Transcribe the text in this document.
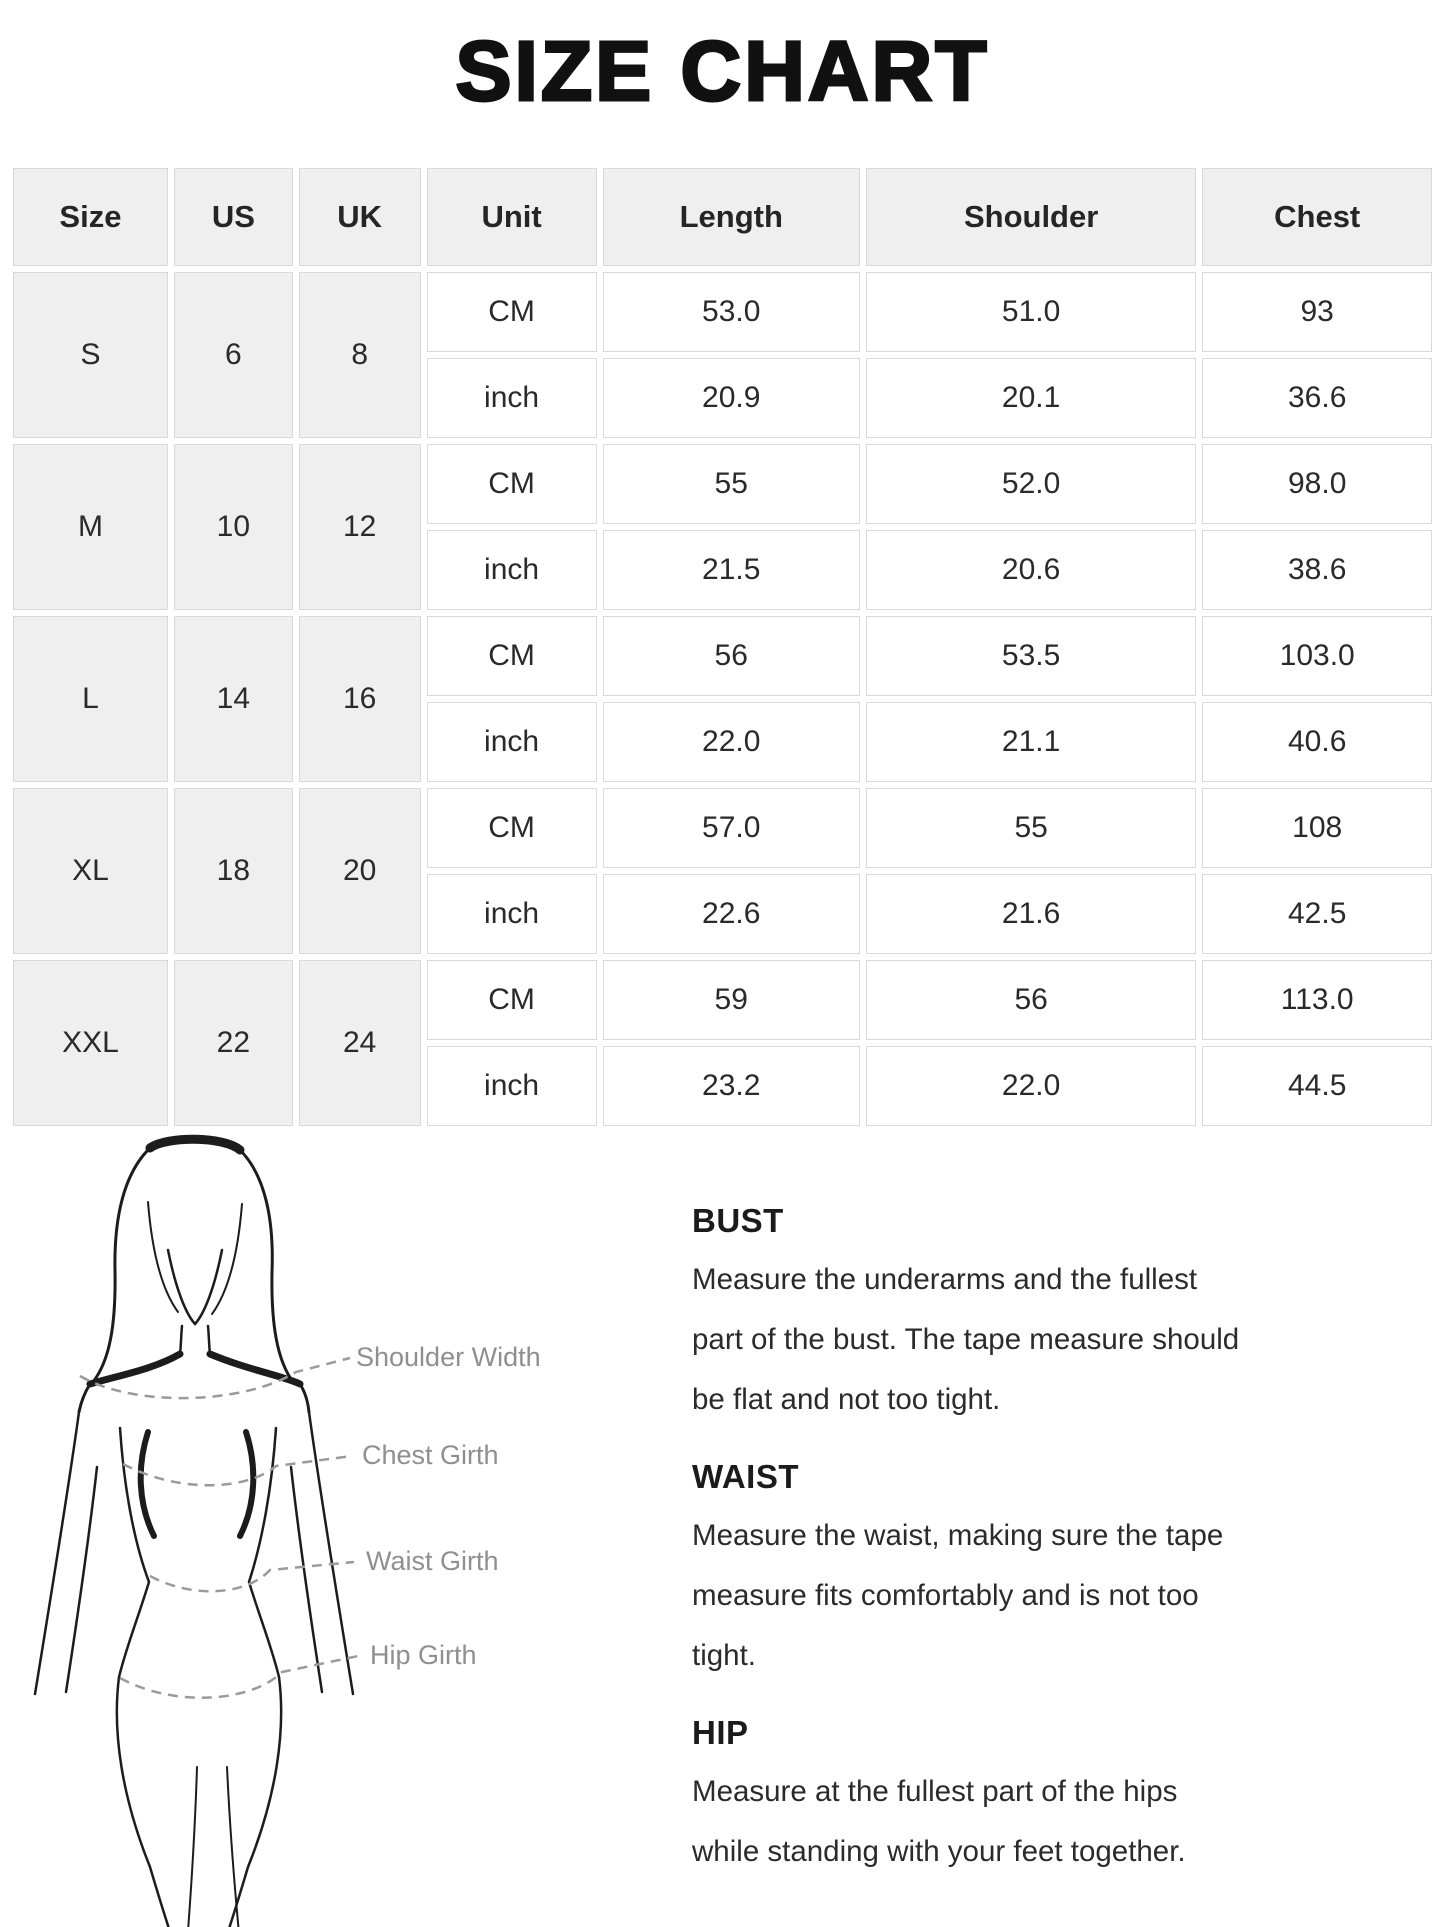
SIZE CHART
Size	US	UK	Unit	Length	Shoulder	Chest
S	6	8	CM	53.0	51.0	93
			inch	20.9	20.1	36.6
M	10	12	CM	55	52.0	98.0
			inch	21.5	20.6	38.6
L	14	16	CM	56	53.5	103.0
			inch	22.0	21.1	40.6
XL	18	20	CM	57.0	55	108
			inch	22.6	21.6	42.5
XXL	22	24	CM	59	56	113.0
			inch	23.2	22.0	44.5
Shoulder Width
Chest Girth
Waist Girth
Hip Girth
BUST

Measure the underarms and the fullest
part of the bust. The tape measure should
be flat and not too tight.

WAIST

Measure the waist, making sure the tape
measure fits comfortably and is not too
tight.

HIP

Measure at the fullest part of the hips
while standing with your feet together.
